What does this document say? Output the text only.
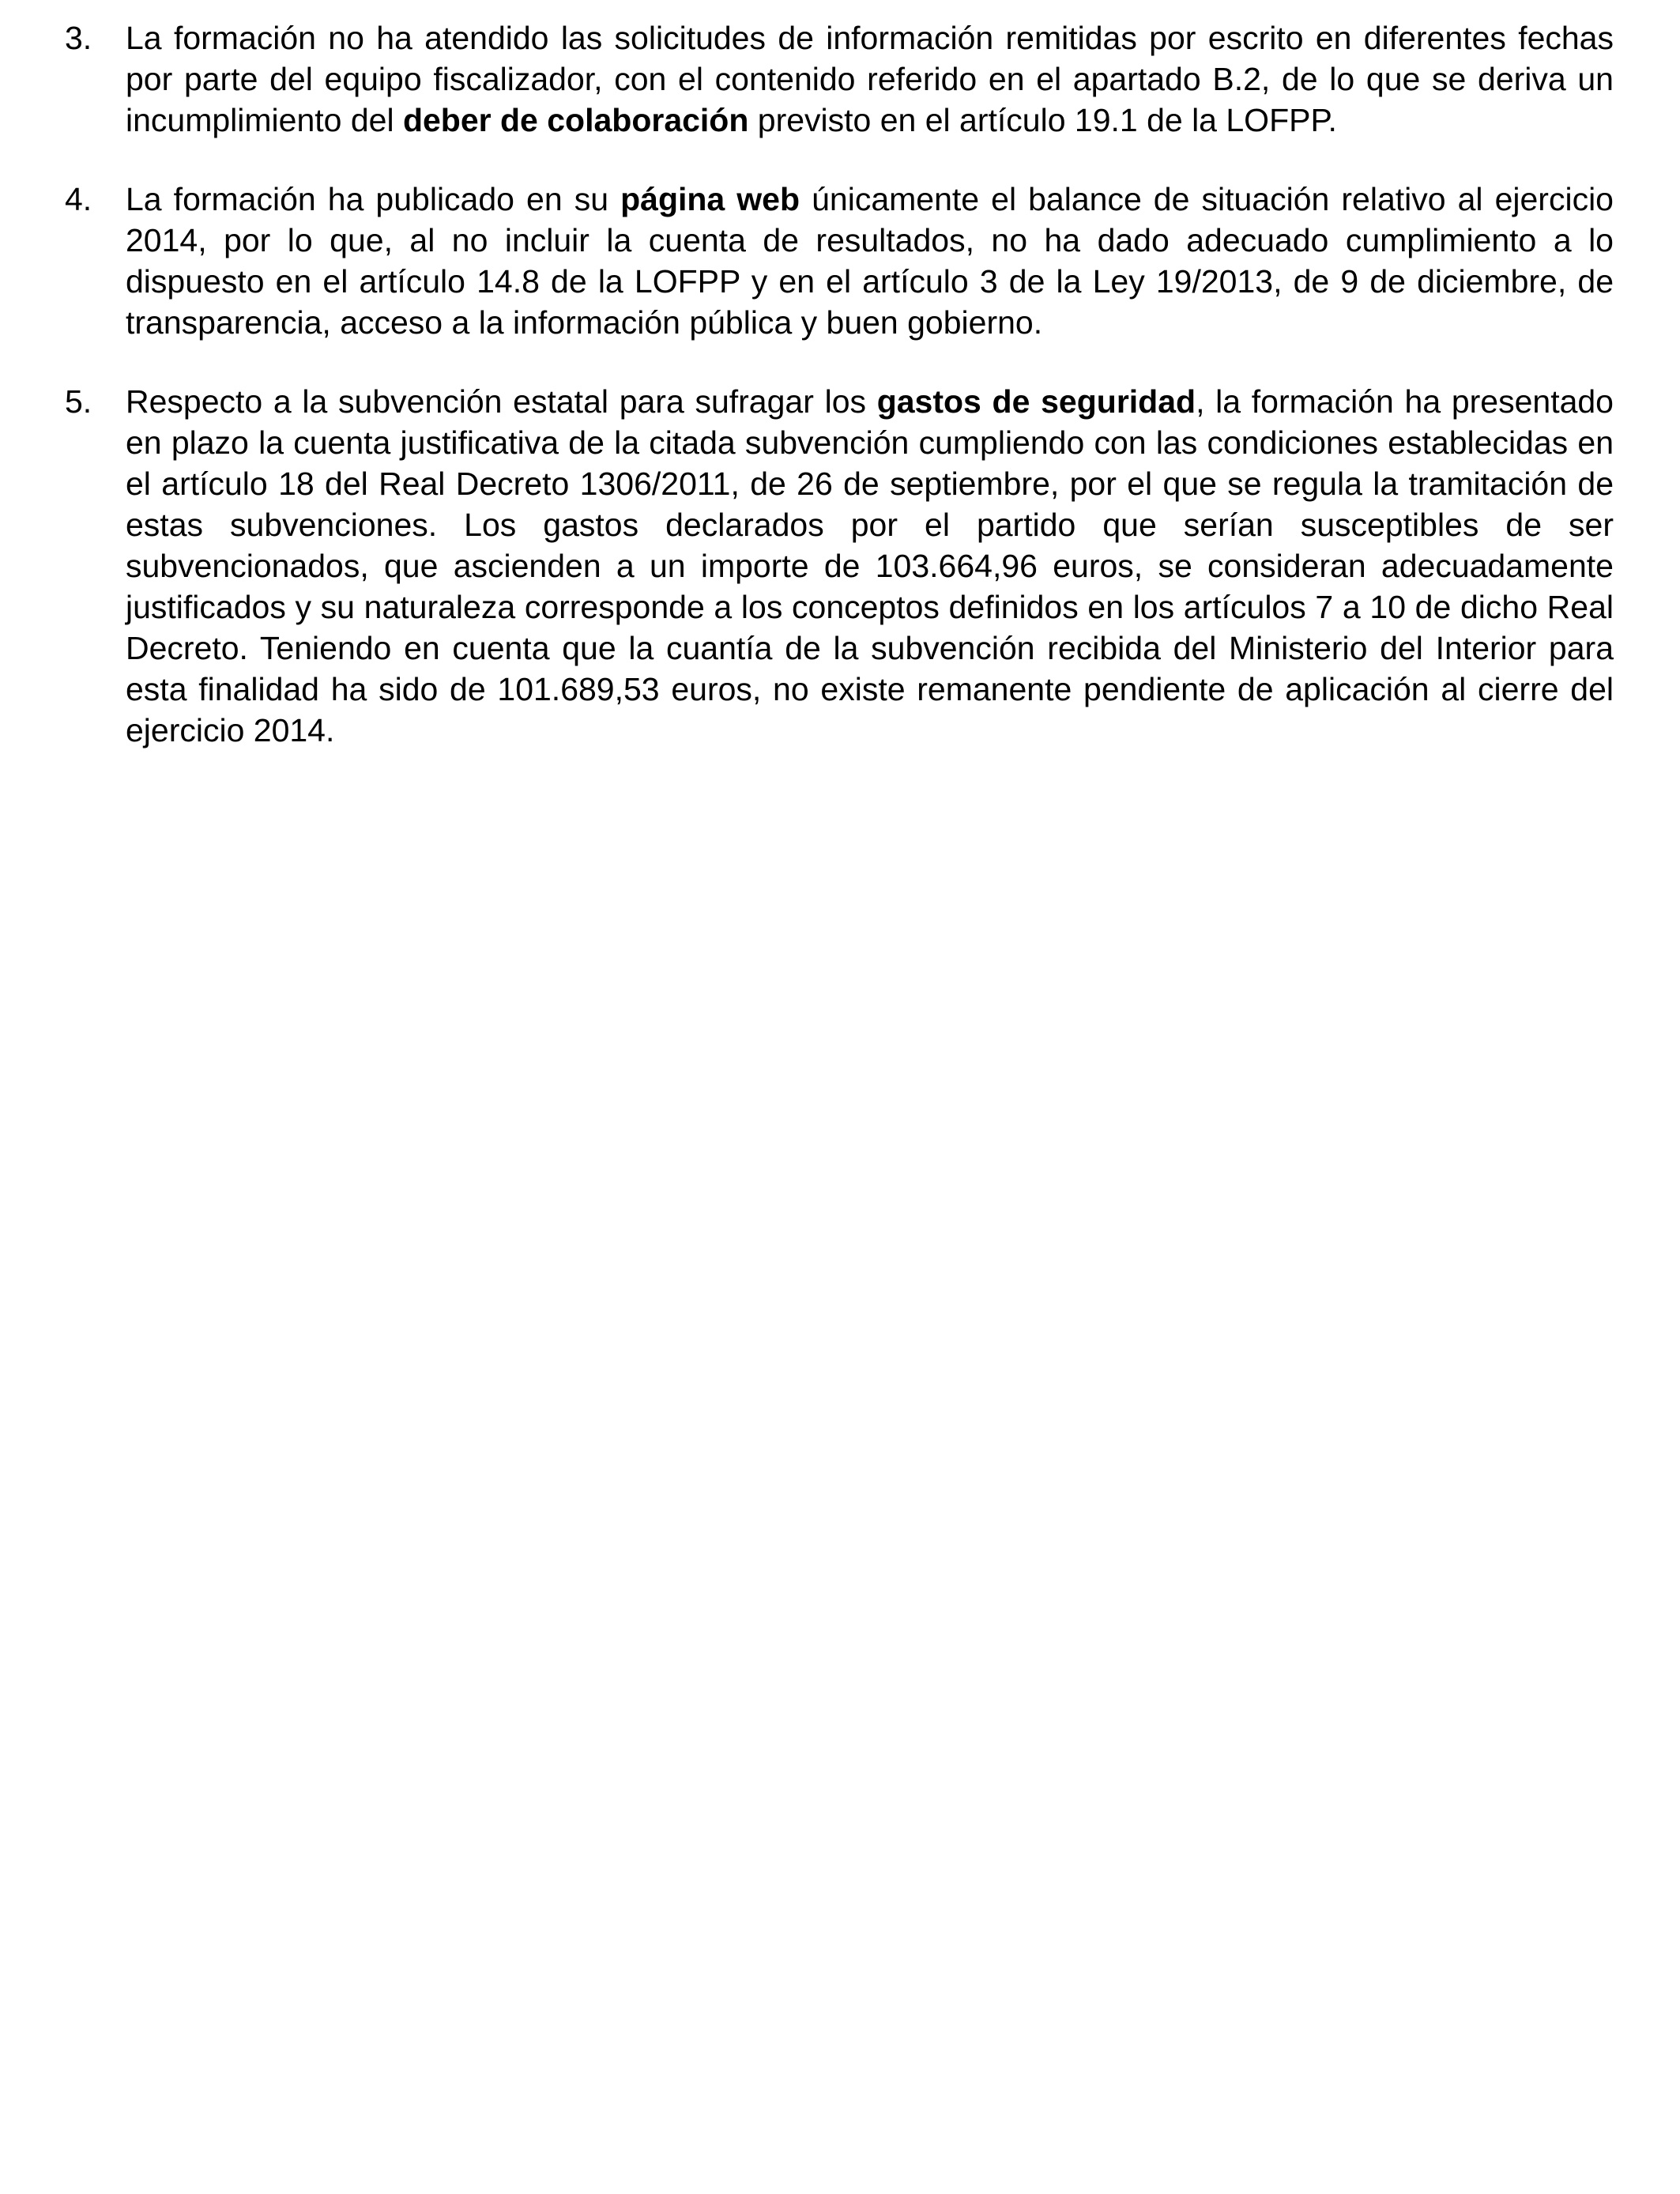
3.	La formación no ha atendido las solicitudes de información remitidas por escrito en diferentes fechas por parte del equipo fiscalizador, con el contenido referido en el apartado B.2, de lo que se deriva un incumplimiento del deber de colaboración previsto en el artículo 19.1 de la LOFPP.

4.	La formación ha publicado en su página web únicamente el balance de situación relativo al ejercicio 2014, por lo que, al no incluir la cuenta de resultados, no ha dado adecuado cumplimiento a lo dispuesto en el artículo 14.8 de la LOFPP y en el artículo 3 de la Ley 19/2013, de 9 de diciembre, de transparencia, acceso a la información pública y buen gobierno.

5.	Respecto a la subvención estatal para sufragar los gastos de seguridad, la formación ha presentado en plazo la cuenta justificativa de la citada subvención cumpliendo con las condiciones establecidas en el artículo 18 del Real Decreto 1306/2011, de 26 de septiembre, por el que se regula la tramitación de estas subvenciones. Los gastos declarados por el partido que serían susceptibles de ser subvencionados, que ascienden a un importe de 103.664,96 euros, se consideran adecuadamente justificados y su naturaleza corresponde a los conceptos definidos en los artículos 7 a 10 de dicho Real Decreto. Teniendo en cuenta que la cuantía de la subvención recibida del Ministerio del Interior para esta finalidad ha sido de 101.689,53 euros, no existe remanente pendiente de aplicación al cierre del ejercicio 2014.
